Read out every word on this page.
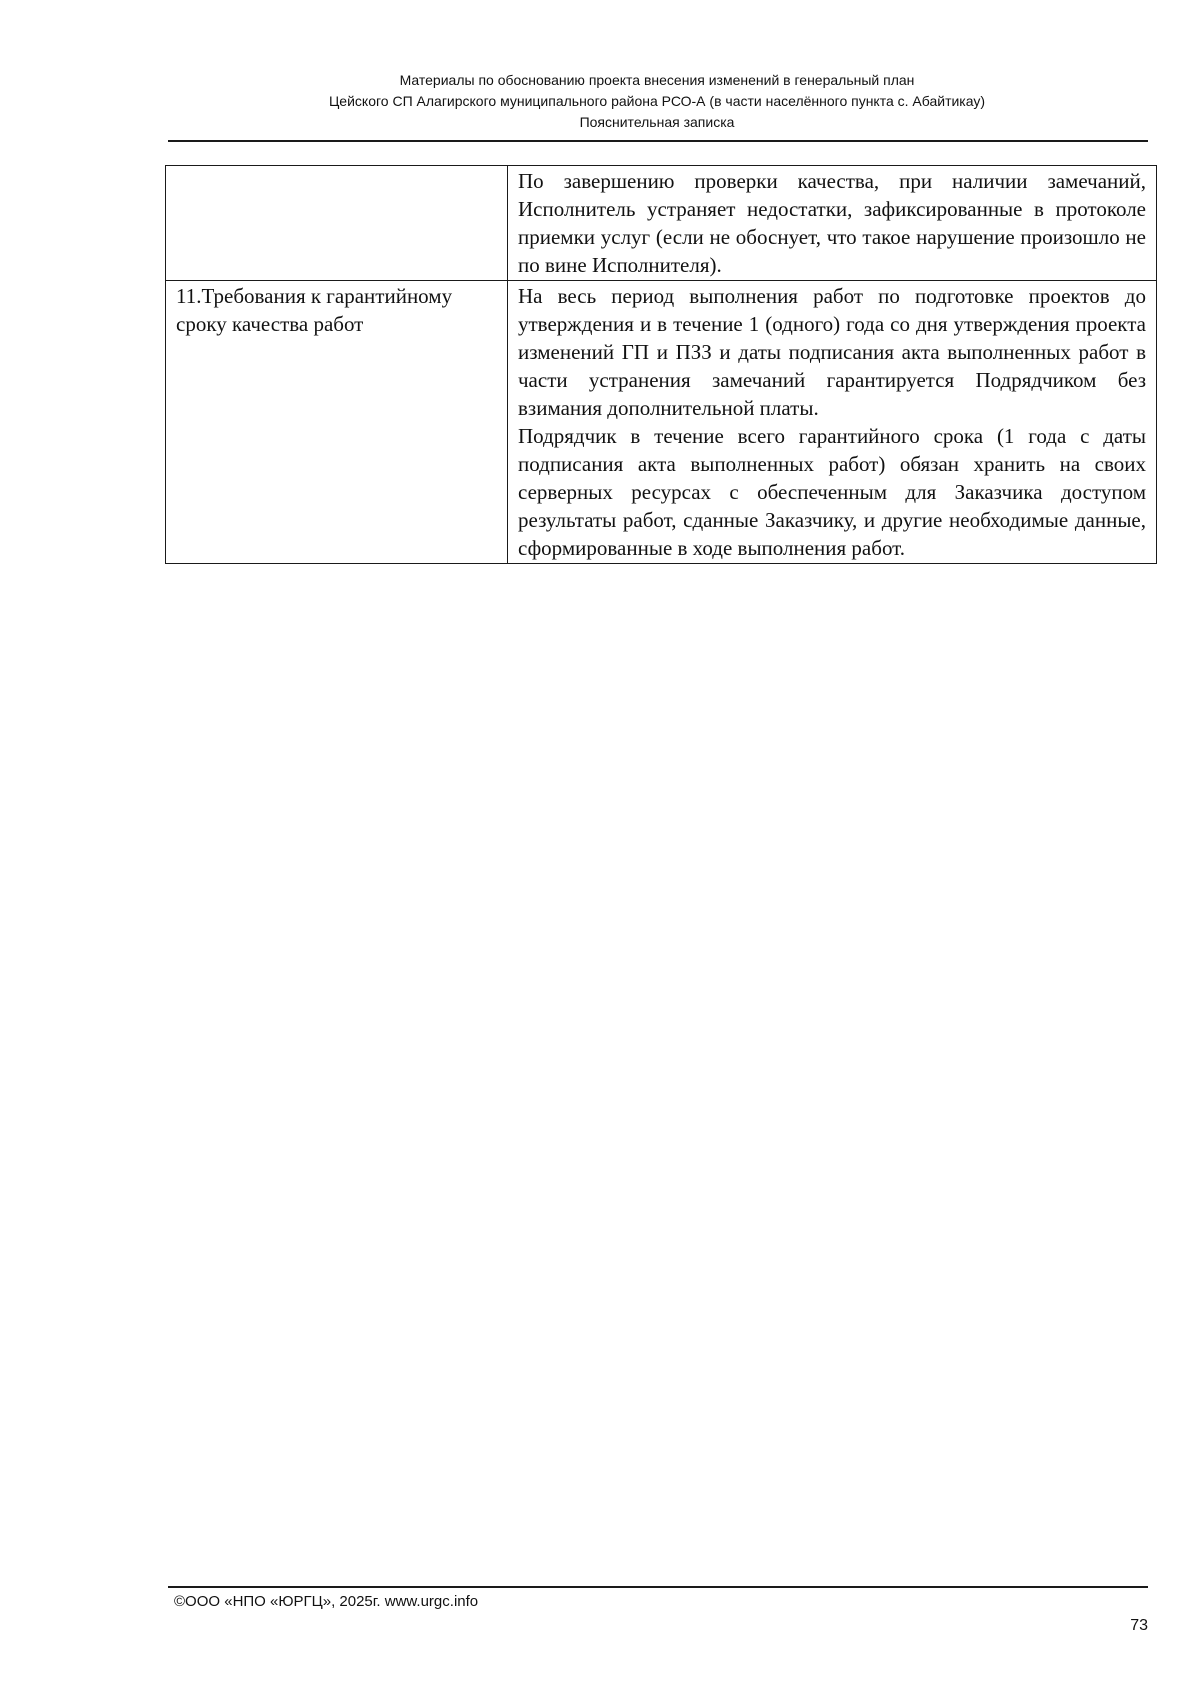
Материалы по обоснованию проекта внесения изменений в генеральный план
Цейского СП Алагирского муниципального района РСО-А (в части населённого пункта с. Абайтикау)
Пояснительная записка

	По завершению проверки качества, при наличии замечаний, Исполнитель устраняет недостатки, зафиксированные в протоколе приемки услуг (если не обоснует, что такое нарушение произошло не по вине Исполнителя).

11.Требования к гарантийному сроку качества работ	На весь период выполнения работ по подготовке проектов до утверждения и в течение 1 (одного) года со дня утверждения проекта изменений ГП и ПЗЗ и даты подписания акта выполненных работ в части устранения замечаний гарантируется Подрядчиком без взимания дополнительной платы.

Подрядчик в течение всего гарантийного срока (1 года с даты подписания акта выполненных работ) обязан хранить на своих серверных ресурсах с обеспеченным для Заказчика доступом результаты работ, сданные Заказчику, и другие необходимые данные, сформированные в ходе выполнения работ.

©ООО «НПО «ЮРГЦ», 2025г. www.urgc.info
73
